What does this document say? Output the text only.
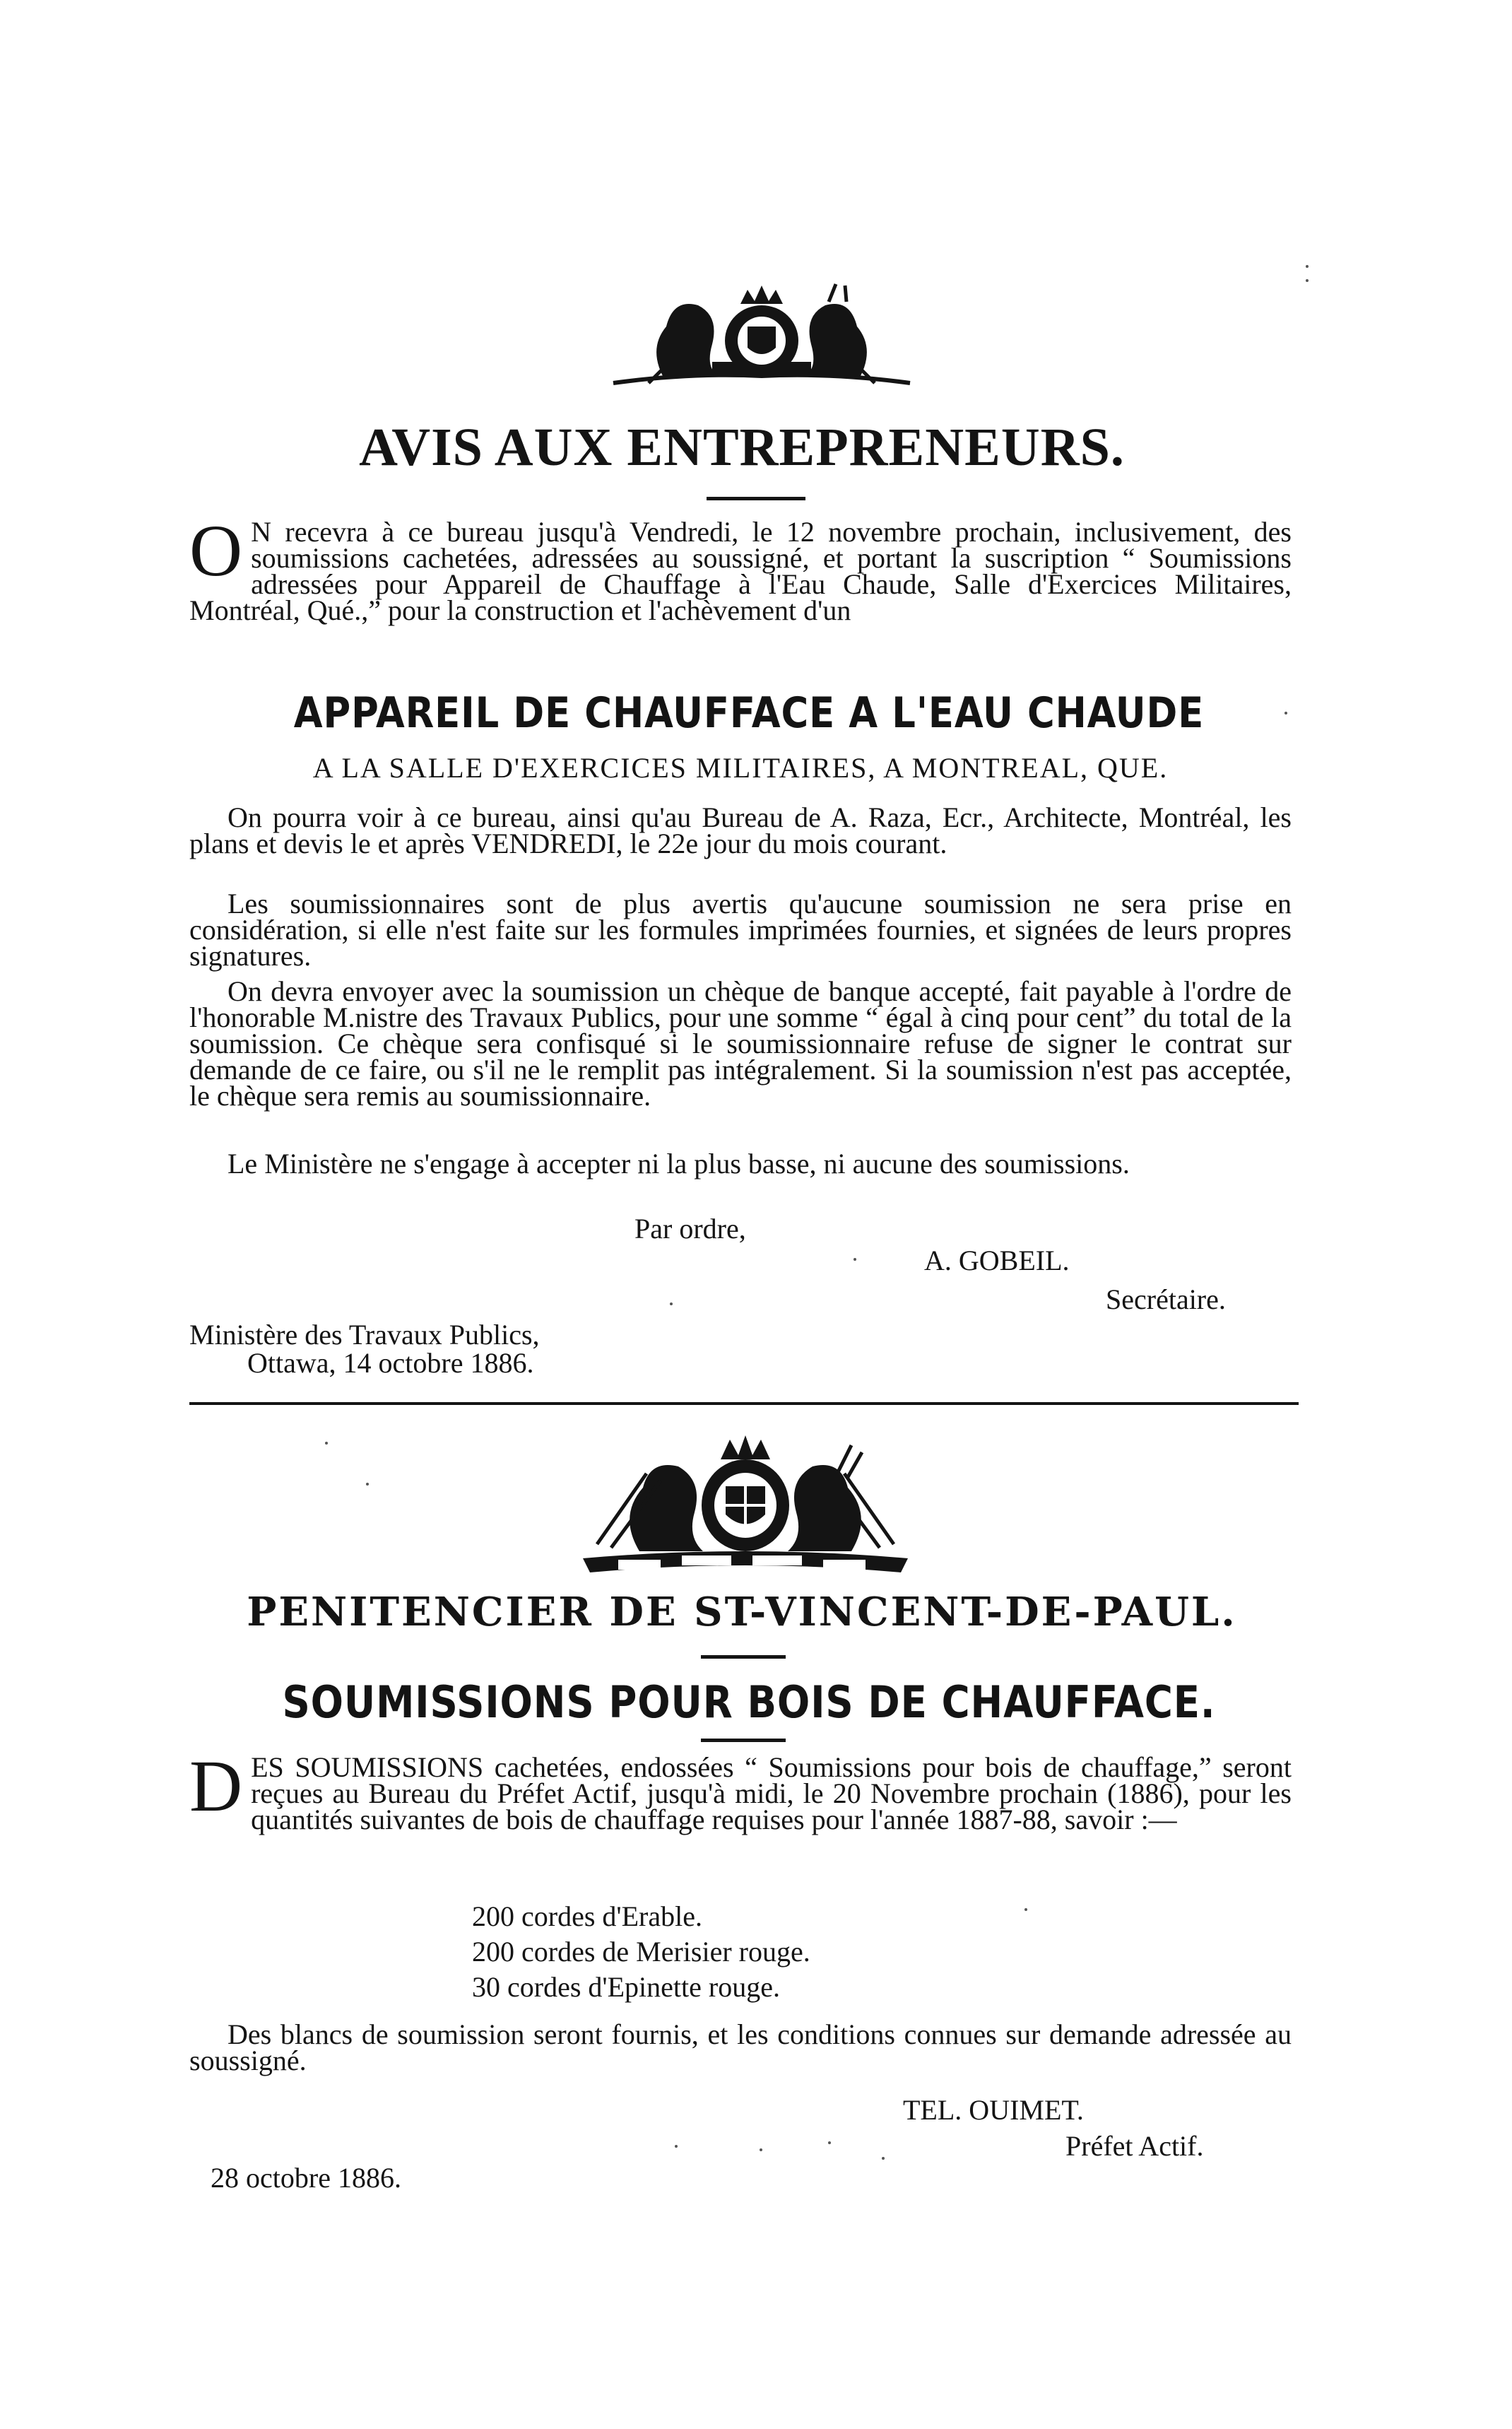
AVIS AUX ENTREPRENEURS.

O N recevra à ce bureau jusqu'à Vendredi, le 12 novembre prochain, inclusivement, des soumissions cachetées, adressées au soussigné, et portant la suscription “ Soumissions adressées pour Appareil de Chauffage à l'Eau Chaude, Salle d'Exercices Militaires, Montréal, Qué.,” pour la construction et l'achèvement d'un

APPAREIL DE CHAUFFACE A L'EAU CHAUDE
A LA SALLE D'EXERCICES MILITAIRES, A MONTREAL, QUE.

On pourra voir à ce bureau, ainsi qu'au Bureau de A. Raza, Ecr., Architecte, Montréal, les plans et devis le et après VENDREDI, le 22e jour du mois courant.

Les soumissionnaires sont de plus avertis qu'aucune soumission ne sera prise en considération, si elle n'est faite sur les formules imprimées fournies, et signées de leurs propres signatures.

On devra envoyer avec la soumission un chèque de banque accepté, fait payable à l'ordre de l'honorable M.nistre des Travaux Publics, pour une somme “ égal à cinq pour cent” du total de la soumission. Ce chèque sera confisqué si le soumissionnaire refuse de signer le contrat sur demande de ce faire, ou s'il ne le remplit pas intégralement. Si la soumission n'est pas acceptée, le chèque sera remis au soumissionnaire.

Le Ministère ne s'engage à accepter ni la plus basse, ni aucune des soumissions.

Par ordre,
A. GOBEIL.
Secrétaire.
Ministère des Travaux Publics,
Ottawa, 14 octobre 1886.
PENITENCIER DE ST-VINCENT-DE-PAUL.
SOUMISSIONS POUR BOIS DE CHAUFFACE.

DES SOUMISSIONS cachetées, endossées “ Soumissions pour bois de chauffage,” seront reçues au Bureau du Préfet Actif, jusqu'à midi, le 20 Novembre prochain (1886), pour les quantités suivantes de bois de chauffage requises pour l'année 1887-88, savoir :—

200 cordes d'Erable.
200 cordes de Merisier rouge.
30 cordes d'Epinette rouge.

Des blancs de soumission seront fournis, et les conditions connues sur demande adressée au soussigné.

TEL. OUIMET.
Préfet Actif.
28 octobre 1886.
